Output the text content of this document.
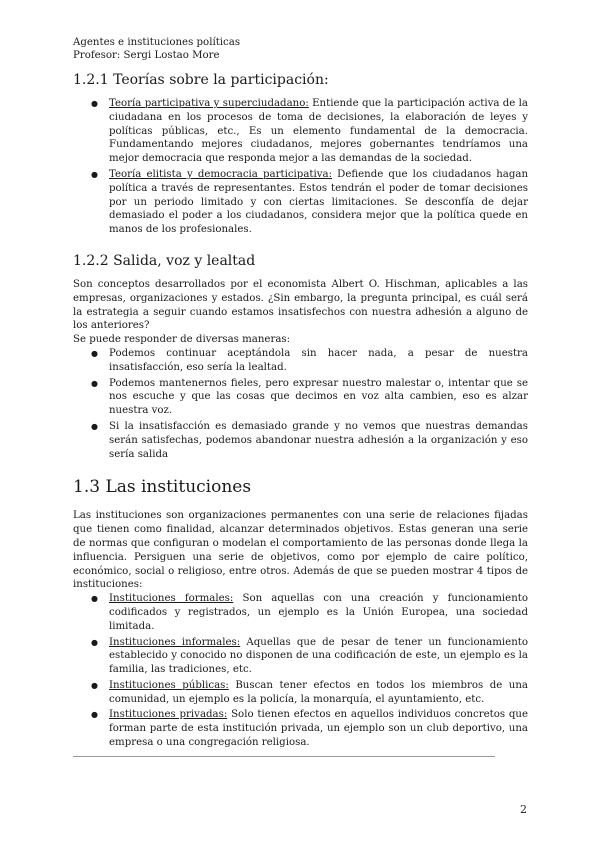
Agentes e instituciones políticas
Profesor: Sergi Lostao More
1.2.1 Teorías sobre la participación:
● Teoría participativa y superciudadano: Entiende que la participación activa de la ciudadana en los procesos de toma de decisiones, la elaboración de leyes y políticas públicas, etc., Es un elemento fundamental de la democracia. Fundamentando mejores ciudadanos, mejores gobernantes tendríamos una mejor democracia que responda mejor a las demandas de la sociedad.
● Teoría elitista y democracia participativa: Defiende que los ciudadanos hagan política a través de representantes. Estos tendrán el poder de tomar decisiones por un periodo limitado y con ciertas limitaciones. Se desconfía de dejar demasiado el poder a los ciudadanos, considera mejor que la política quede en manos de los profesionales.
1.2.2 Salida, voz y lealtad

Son conceptos desarrollados por el economista Albert O. Hischman, aplicables a las empresas, organizaciones y estados. ¿Sin embargo, la pregunta principal, es cuál será la estrategia a seguir cuando estamos insatisfechos con nuestra adhesión a alguno de los anteriores?

Se puede responder de diversas maneras:

● Podemos continuar aceptándola sin hacer nada, a pesar de nuestra insatisfacción, eso sería la lealtad.
● Podemos mantenernos fieles, pero expresar nuestro malestar o, intentar que se nos escuche y que las cosas que decimos en voz alta cambien, eso es alzar nuestra voz.
● Si la insatisfacción es demasiado grande y no vemos que nuestras demandas serán satisfechas, podemos abandonar nuestra adhesión a la organización y eso sería salida
1.3 Las instituciones

Las instituciones son organizaciones permanentes con una serie de relaciones fijadas que tienen como finalidad, alcanzar determinados objetivos. Estas generan una serie de normas que configuran o modelan el comportamiento de las personas donde llega la influencia. Persiguen una serie de objetivos, como por ejemplo de caire político, económico, social o religioso, entre otros. Además de que se pueden mostrar 4 tipos de instituciones:

● Instituciones formales: Son aquellas con una creación y funcionamiento codificados y registrados, un ejemplo es la Unión Europea, una sociedad limitada.
● Instituciones informales: Aquellas que de pesar de tener un funcionamiento establecido y conocido no disponen de una codificación de este, un ejemplo es la familia, las tradiciones, etc.
● Instituciones públicas: Buscan tener efectos en todos los miembros de una comunidad, un ejemplo es la policía, la monarquía, el ayuntamiento, etc.
● Instituciones privadas: Solo tienen efectos en aquellos individuos concretos que forman parte de esta institución privada, un ejemplo son un club deportivo, una empresa o una congregación religiosa.
2
